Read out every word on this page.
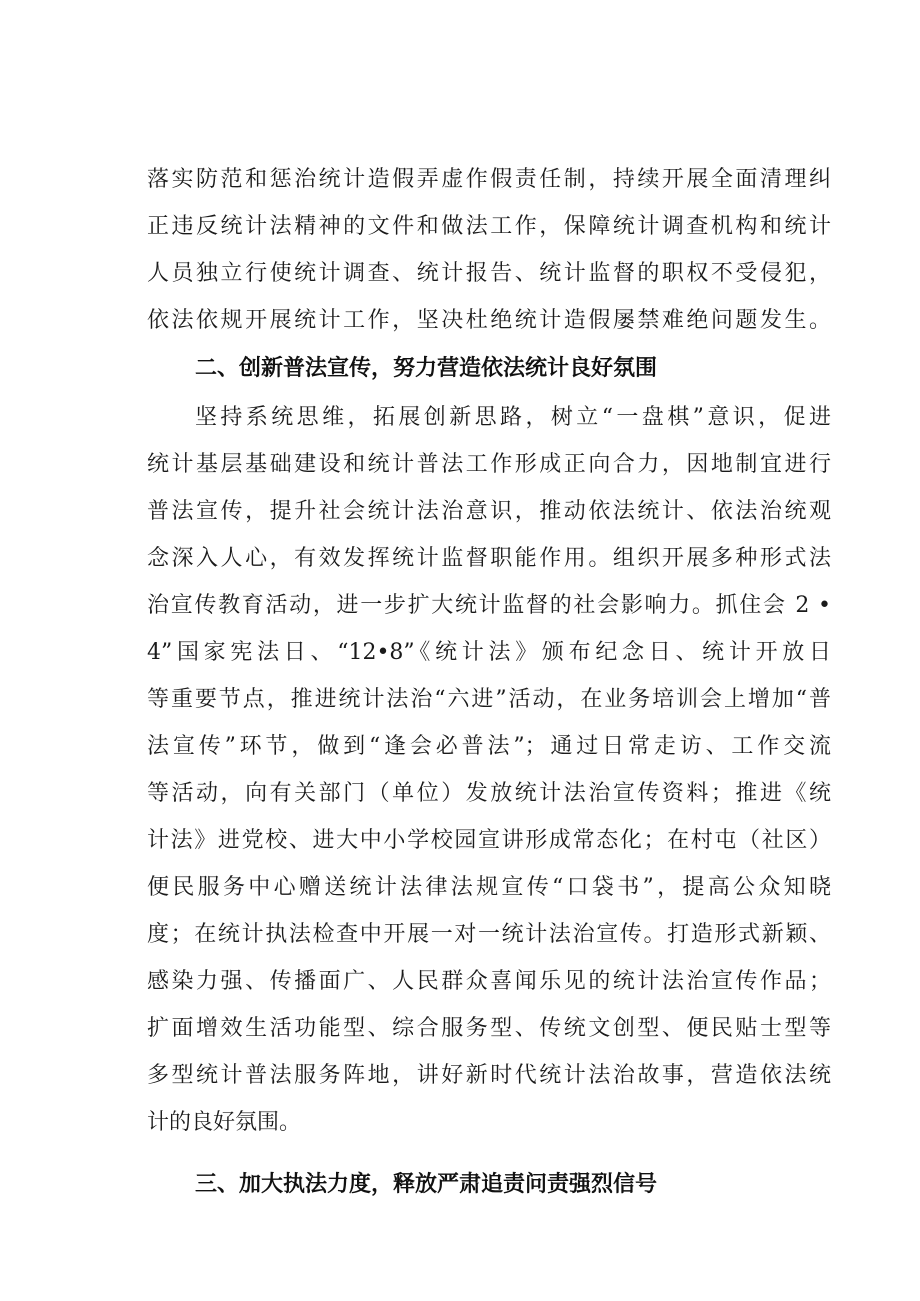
落实防范和惩治统计造假弄虚作假责任制，持续开展全面清理纠
正违反统计法精神的文件和做法工作，保障统计调查机构和统计
人员独立行使统计调查、统计报告、统计监督的职权不受侵犯，
依法依规开展统计工作，坚决杜绝统计造假屡禁难绝问题发生。
二、创新普法宣传，努力营造依法统计良好氛围
坚持系统思维，拓展创新思路，树立“一盘棋”意识，促进
统计基层基础建设和统计普法工作形成正向合力，因地制宜进行
普法宣传，提升社会统计法治意识，推动依法统计、依法治统观
念深入人心，有效发挥统计监督职能作用。组织开展多种形式法
治宣传教育活动，进一步扩大统计监督的社会影响力。抓住会 2 •
4”国家宪法日、“12•8”《统计法》颁布纪念日、统计开放日
等重要节点，推进统计法治“六进”活动，在业务培训会上增加“普
法宣传”环节，做到“逢会必普法”；通过日常走访、工作交流
等活动，向有关部门（单位）发放统计法治宣传资料；推进《统
计法》进党校、进大中小学校园宣讲形成常态化；在村屯（社区）
便民服务中心赠送统计法律法规宣传“口袋书”，提高公众知晓
度；在统计执法检查中开展一对一统计法治宣传。打造形式新颖、
感染力强、传播面广、人民群众喜闻乐见的统计法治宣传作品；
扩面增效生活功能型、综合服务型、传统文创型、便民贴士型等
多型统计普法服务阵地，讲好新时代统计法治故事，营造依法统
计的良好氛围。
三、加大执法力度，释放严肃追责问责强烈信号
